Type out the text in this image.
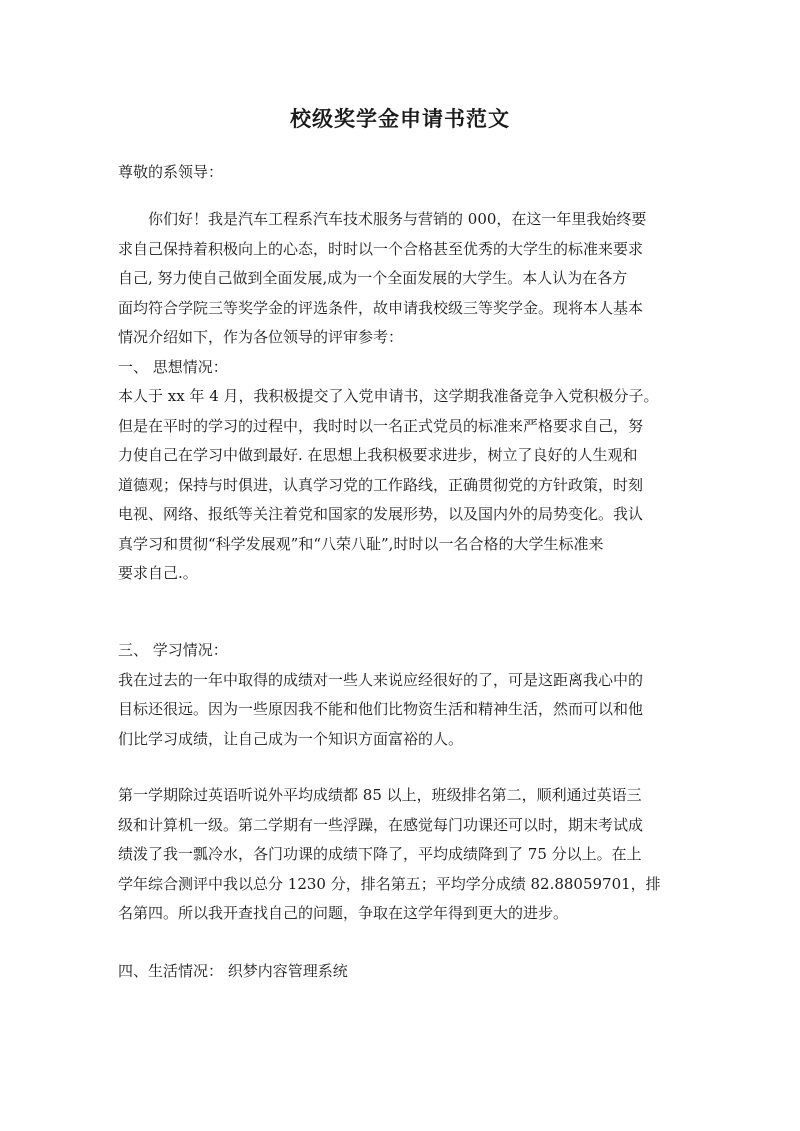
校级奖学金申请书范文

尊敬的系领导：

你们好！我是汽车工程系汽车技术服务与营销的 000，在这一年里我始终要

求自己保持着积极向上的心态，时时以一个合格甚至优秀的大学生的标准来要求

自己, 努力使自己做到全面发展,成为一个全面发展的大学生。本人认为在各方

面均符合学院三等奖学金的评选条件，故申请我校级三等奖学金。现将本人基本

情况介绍如下，作为各位领导的评审参考：

一、 思想情况：

本人于 xx 年 4 月，我积极提交了入党申请书，这学期我准备竞争入党积极分子。

但是在平时的学习的过程中，我时时以一名正式党员的标准来严格要求自己，努

力使自己在学习中做到最好. 在思想上我积极要求进步，树立了良好的人生观和

道德观；保持与时俱进，认真学习党的工作路线，正确贯彻党的方针政策，时刻

电视、网络、报纸等关注着党和国家的发展形势，以及国内外的局势变化。我认

真学习和贯彻“科学发展观”和“八荣八耻”,时时以一名合格的大学生标准来

要求自己.。

三、 学习情况：

我在过去的一年中取得的成绩对一些人来说应经很好的了，可是这距离我心中的

目标还很远。因为一些原因我不能和他们比物资生活和精神生活，然而可以和他

们比学习成绩，让自己成为一个知识方面富裕的人。

第一学期除过英语听说外平均成绩都 85 以上，班级排名第二，顺利通过英语三

级和计算机一级。第二学期有一些浮躁，在感觉每门功课还可以时，期末考试成

绩泼了我一瓢冷水，各门功课的成绩下降了，平均成绩降到了 75 分以上。在上

学年综合测评中我以总分 1230 分，排名第五；平均学分成绩 82.88059701，排

名第四。所以我开查找自己的问题，争取在这学年得到更大的进步。

四、生活情况： 织梦内容管理系统
